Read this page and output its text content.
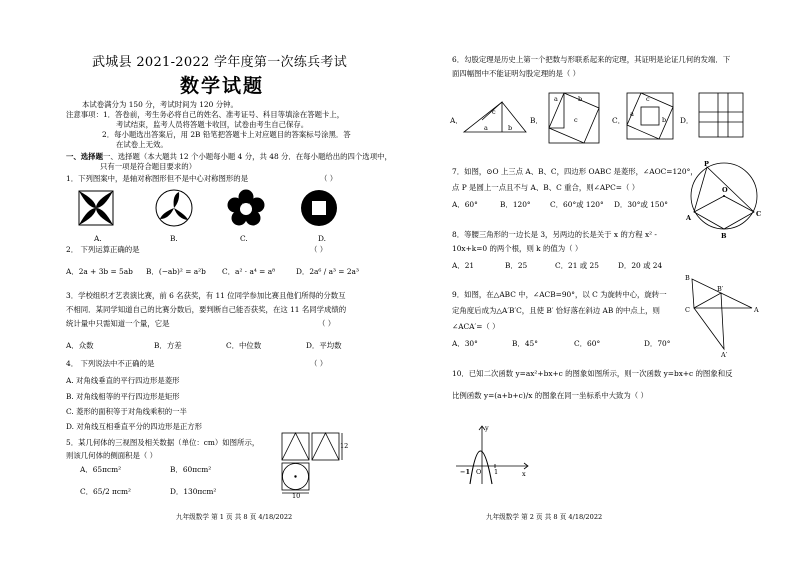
武城县 2021-2022 学年度第一次练兵考试
数学试题
本试卷满分为 150 分，考试时间为 120 分钟。
注意事项：1．答卷前，考生务必将自己的姓名、准考证号、科目等填涂在答题卡上，
考试结束，监考人员将答题卡收回，试卷由考生自己保存。
2．每小题选出答案后，用 2B 铅笔把答题卡上对应题目的答案标号涂黑．答
在试卷上无效。
一、选择题一、选择题（本大题共 12 个小题每小题 4 分，共 48 分．在每小题给出的四个选项中，
只有一项是符合题目要求的）
1．下列图案中，是轴对称图形但不是中心对称图形的是	（ ）
A.	B.	C.	D.
2． 下列运算正确的是	（ ）
A．2a + 3b = 5ab B．(−ab)² = a²b C．a² · a⁴ = a⁸	D．2a⁶ / a³ = 2a³
3．学校组织才艺表演比赛，前 6 名获奖，有 11 位同学参加比赛且他们所得的分数互
不相同．某同学知道自己的比赛分数后，要判断自己能否获奖，在这 11 名同学成绩的
统计量中只需知道一个量，它是	（ ）
A．众数	B．方差	C．中位数	D．平均数
4． 下列说法中不正确的是	（ ）
A. 对角线垂直的平行四边形是菱形
B. 对角线相等的平行四边形是矩形
C. 菱形的面积等于对角线乘积的一半
D. 对角线互相垂直平分的四边形是正方形
5．某几何体的三视图及相关数据（单位：cm）如图所示，
则该几何体的侧面积是（ ）
A．65πcm²	B．60πcm²
C．65/2 πcm²	D．130πcm²
12
10
九年级数学 第 1 页 共 8 页 4/18/2022
6．勾股定理是历史上第一个把数与形联系起来的定理，其证明是论证几何的发端．下
面四幅图中不能证明勾股定理的是（ ）
A．
a	b
c
B．
a	b
c	C．
c
a
b D．
7．如图，⊙O 上三点 A、B、C，四边形 OABC 是菱形，∠AOC=120°，
点 P 是圆上一点且不与 A、B、C 重合，则∠APC=（ ）
A．60°	B．120°	C．60°或 120° D．30°或 150°
P
O
A	C
B
8．等腰三角形的一边长是 3，另两边的长是关于 x 的方程 x² -
10x+k=0 的两个根，则 k 的值为（ ）
A．21	B．25	C．21 或 25	D．20 或 24
9．如图，在△ABC 中，∠ACB=90°，以 C 为旋转中心，旋转一
定角度后成为△A′B′C，且使 B′ 恰好落在斜边 AB 的中点上，则
∠ACA′=（ ）
A．30°	B．45°	C．60°	D．70°
B
B′
C	A
A′
10．已知二次函数 y=ax²+bx+c 的图象如图所示，则一次函数 y=bx+c 的图象和反
比例函数 y=(a+b+c)/x 的图象在同一坐标系中大致为（ ）
y
−1 O 1	x
九年级数学 第 2 页 共 8 页 4/18/2022
